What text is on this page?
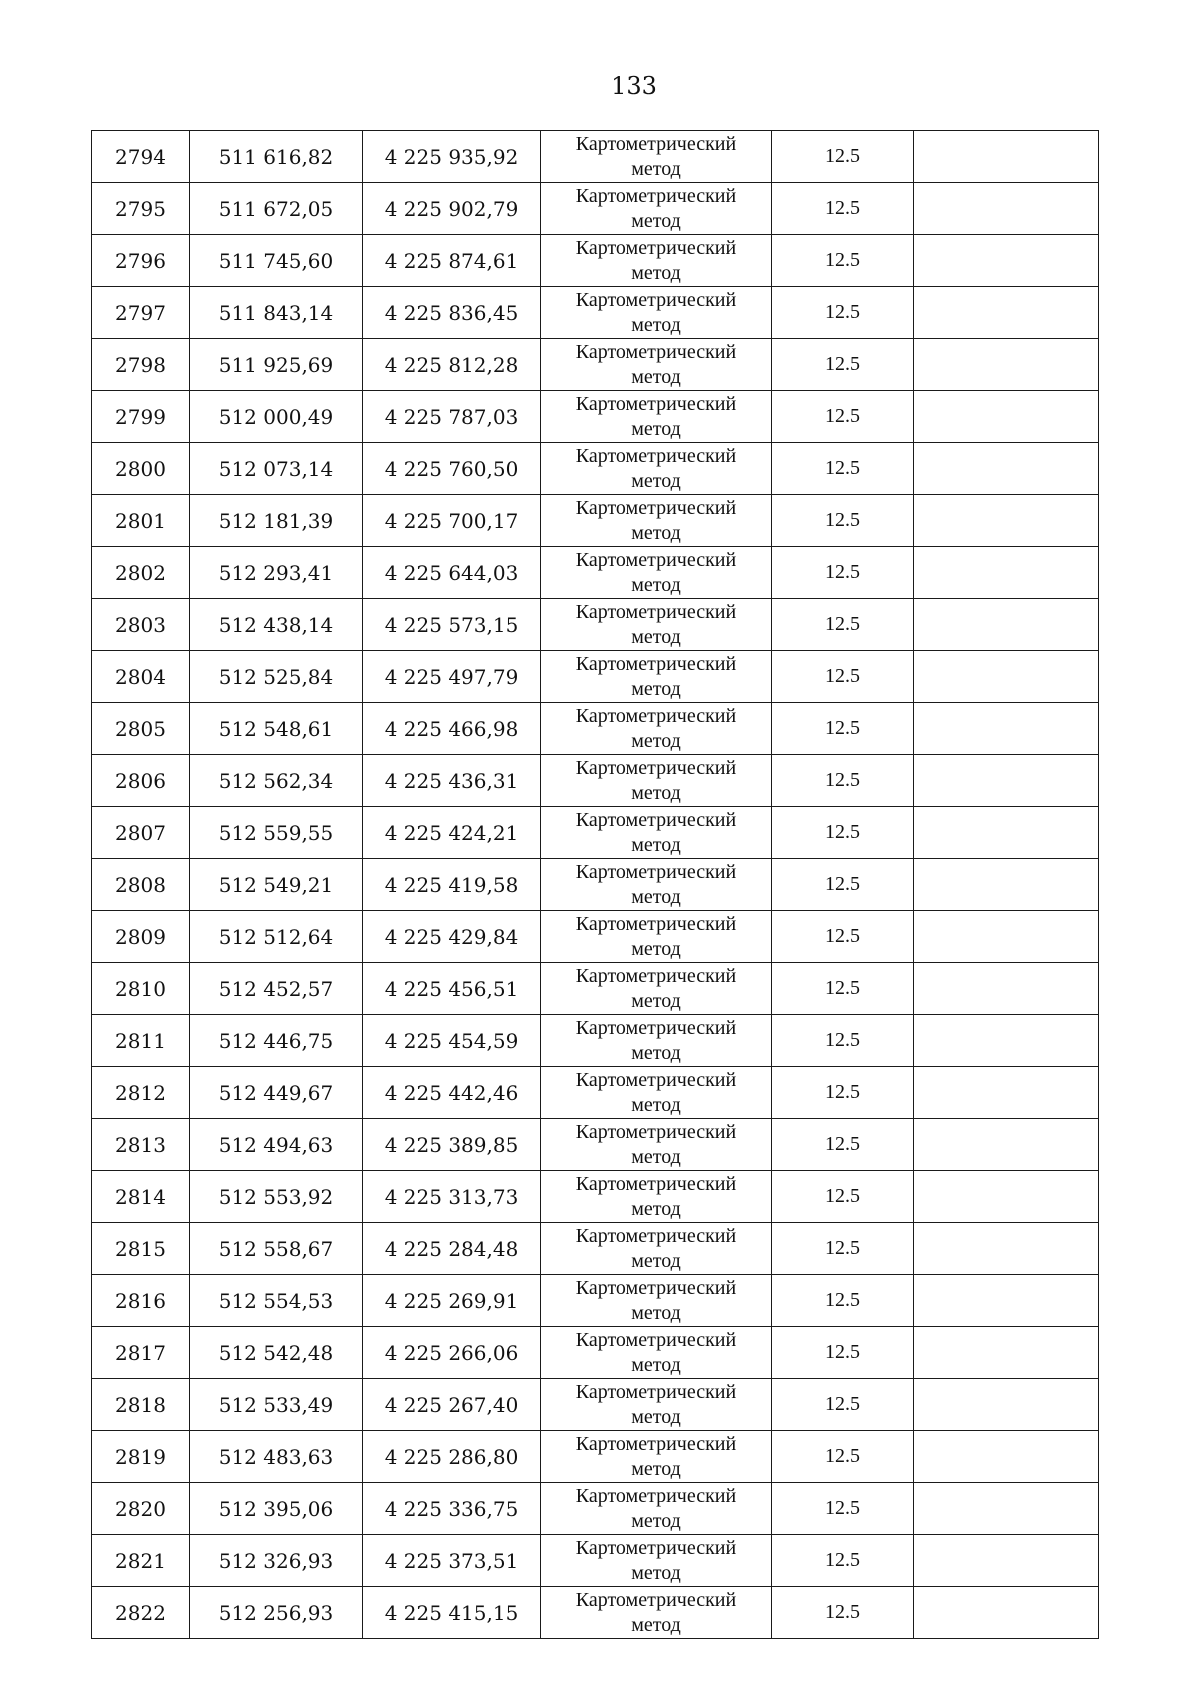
133
2794	511 616,82	4 225 935,92	Картометрический
метод	12.5	
2795	511 672,05	4 225 902,79	Картометрический
метод	12.5	
2796	511 745,60	4 225 874,61	Картометрический
метод	12.5	
2797	511 843,14	4 225 836,45	Картометрический
метод	12.5	
2798	511 925,69	4 225 812,28	Картометрический
метод	12.5	
2799	512 000,49	4 225 787,03	Картометрический
метод	12.5	
2800	512 073,14	4 225 760,50	Картометрический
метод	12.5	
2801	512 181,39	4 225 700,17	Картометрический
метод	12.5	
2802	512 293,41	4 225 644,03	Картометрический
метод	12.5	
2803	512 438,14	4 225 573,15	Картометрический
метод	12.5	
2804	512 525,84	4 225 497,79	Картометрический
метод	12.5	
2805	512 548,61	4 225 466,98	Картометрический
метод	12.5	
2806	512 562,34	4 225 436,31	Картометрический
метод	12.5	
2807	512 559,55	4 225 424,21	Картометрический
метод	12.5	
2808	512 549,21	4 225 419,58	Картометрический
метод	12.5	
2809	512 512,64	4 225 429,84	Картометрический
метод	12.5	
2810	512 452,57	4 225 456,51	Картометрический
метод	12.5	
2811	512 446,75	4 225 454,59	Картометрический
метод	12.5	
2812	512 449,67	4 225 442,46	Картометрический
метод	12.5	
2813	512 494,63	4 225 389,85	Картометрический
метод	12.5	
2814	512 553,92	4 225 313,73	Картометрический
метод	12.5	
2815	512 558,67	4 225 284,48	Картометрический
метод	12.5	
2816	512 554,53	4 225 269,91	Картометрический
метод	12.5	
2817	512 542,48	4 225 266,06	Картометрический
метод	12.5	
2818	512 533,49	4 225 267,40	Картометрический
метод	12.5	
2819	512 483,63	4 225 286,80	Картометрический
метод	12.5	
2820	512 395,06	4 225 336,75	Картометрический
метод	12.5	
2821	512 326,93	4 225 373,51	Картометрический
метод	12.5	
2822	512 256,93	4 225 415,15	Картометрический
метод	12.5	
